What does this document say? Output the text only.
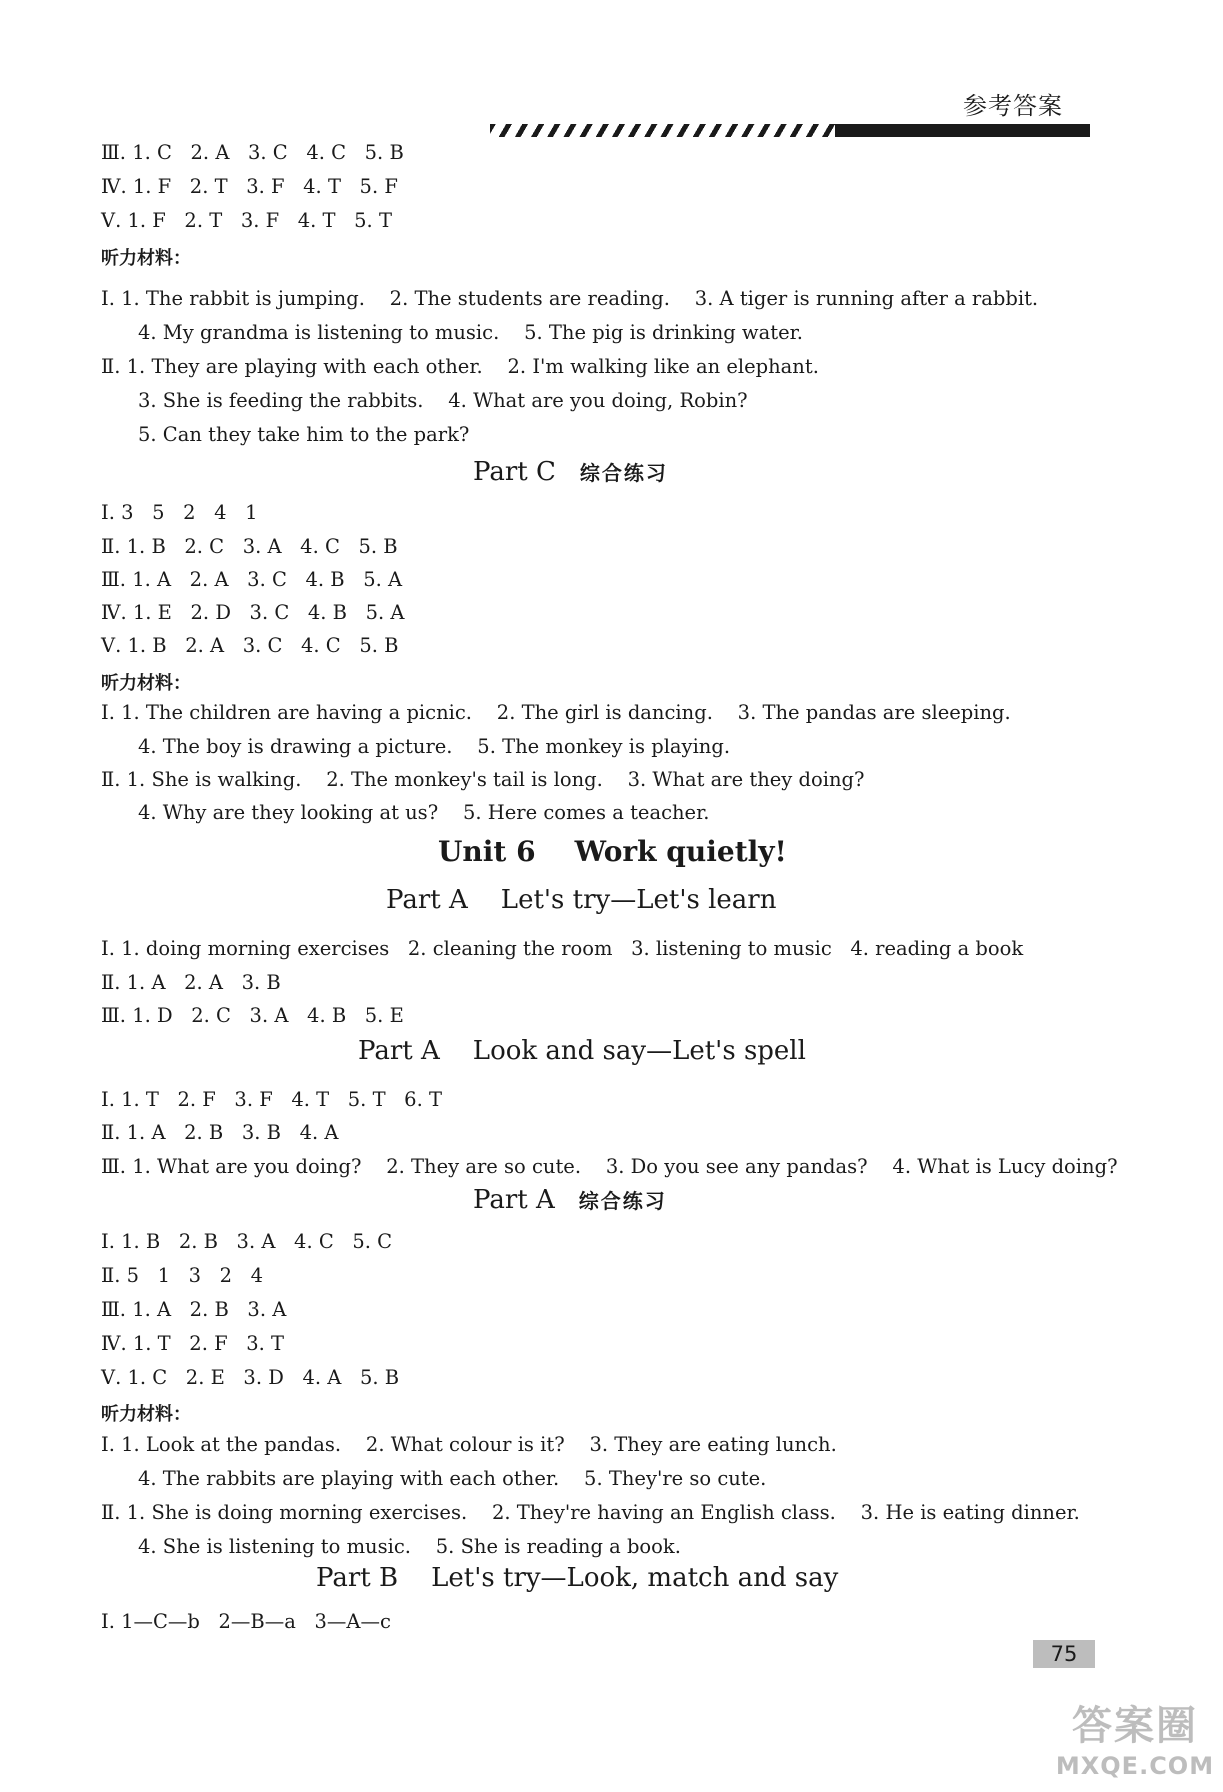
参考答案
Ⅲ. 1. C   2. A   3. C   4. C   5. B
Ⅳ. 1. F   2. T   3. F   4. T   5. F
Ⅴ. 1. F   2. T   3. F   4. T   5. T
听力材料：
Ⅰ. 1. The rabbit is jumping.    2. The students are reading.    3. A tiger is running after a rabbit.
4. My grandma is listening to music.    5. The pig is drinking water.
Ⅱ. 1. They are playing with each other.    2. I'm walking like an elephant.
3. She is feeding the rabbits.    4. What are you doing, Robin?
5. Can they take him to the park?
Part C 综合练习
Ⅰ. 3   5   2   4   1
Ⅱ. 1. B   2. C   3. A   4. C   5. B
Ⅲ. 1. A   2. A   3. C   4. B   5. A
Ⅳ. 1. E   2. D   3. C   4. B   5. A
Ⅴ. 1. B   2. A   3. C   4. C   5. B
听力材料：
Ⅰ. 1. The children are having a picnic.    2. The girl is dancing.    3. The pandas are sleeping.
4. The boy is drawing a picture.    5. The monkey is playing.
Ⅱ. 1. She is walking.    2. The monkey's tail is long.    3. What are they doing?
4. Why are they looking at us?    5. Here comes a teacher.
Unit 6    Work quietly!
Part A    Let's try—Let's learn
Ⅰ. 1. doing morning exercises   2. cleaning the room   3. listening to music   4. reading a book
Ⅱ. 1. A   2. A   3. B
Ⅲ. 1. D   2. C   3. A   4. B   5. E
Part A    Look and say—Let's spell
Ⅰ. 1. T   2. F   3. F   4. T   5. T   6. T
Ⅱ. 1. A   2. B   3. B   4. A
Ⅲ. 1. What are you doing?    2. They are so cute.    3. Do you see any pandas?    4. What is Lucy doing?
Part A 综合练习
Ⅰ. 1. B   2. B   3. A   4. C   5. C
Ⅱ. 5   1   3   2   4
Ⅲ. 1. A   2. B   3. A
Ⅳ. 1. T   2. F   3. T
Ⅴ. 1. C   2. E   3. D   4. A   5. B
听力材料：
Ⅰ. 1. Look at the pandas.    2. What colour is it?    3. They are eating lunch.
4. The rabbits are playing with each other.    5. They're so cute.
Ⅱ. 1. She is doing morning exercises.    2. They're having an English class.    3. He is eating dinner.
4. She is listening to music.    5. She is reading a book.
Part B    Let's try—Look, match and say
Ⅰ. 1—C—b   2—B—a   3—A—c
75
答案圈
MXQE.COM
